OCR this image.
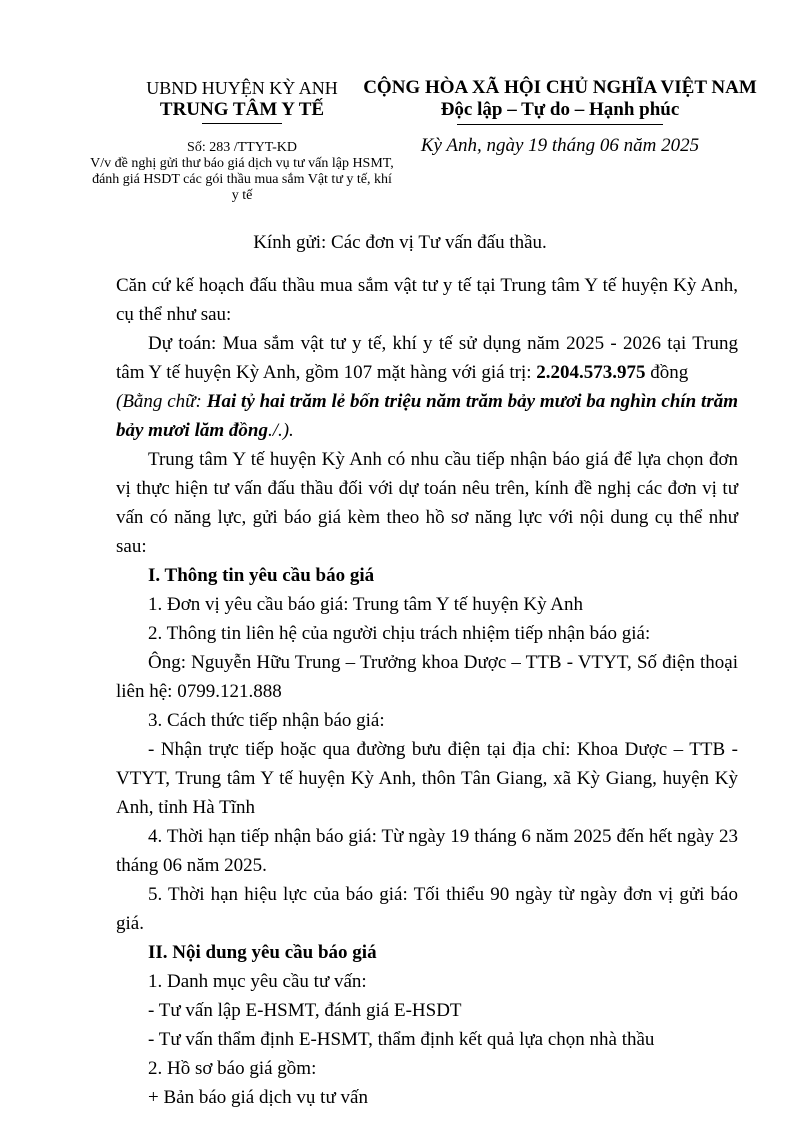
UBND HUYỆN KỲ ANH
TRUNG TÂM Y TẾ
Số: 283 /TTYT-KD
V/v đề nghị gửi thư báo giá dịch vụ tư vấn lập HSMT, đánh giá HSDT các gói thầu mua sắm Vật tư y tế, khí y tế
CỘNG HÒA XÃ HỘI CHỦ NGHĨA VIỆT NAM
Độc lập – Tự do – Hạnh phúc
Kỳ Anh, ngày 19 tháng 06 năm 2025
Kính gửi: Các đơn vị Tư vấn đấu thầu.

Căn cứ kế hoạch đấu thầu mua sắm vật tư y tế tại Trung tâm Y tế huyện Kỳ Anh, cụ thể như sau:

Dự toán: Mua sắm vật tư y tế, khí y tế sử dụng năm 2025 - 2026 tại Trung tâm Y tế huyện Kỳ Anh, gồm 107 mặt hàng với giá trị: 2.204.573.975 đồng
(Bằng chữ: Hai tỷ hai trăm lẻ bốn triệu năm trăm bảy mươi ba nghìn chín trăm bảy mươi lăm đồng./.).

Trung tâm Y tế huyện Kỳ Anh có nhu cầu tiếp nhận báo giá để lựa chọn đơn vị thực hiện tư vấn đấu thầu đối với dự toán nêu trên, kính đề nghị các đơn vị tư vấn có năng lực, gửi báo giá kèm theo hồ sơ năng lực với nội dung cụ thể như sau:

I. Thông tin yêu cầu báo giá

1. Đơn vị yêu cầu báo giá: Trung tâm Y tế huyện Kỳ Anh

2. Thông tin liên hệ của người chịu trách nhiệm tiếp nhận báo giá:

Ông: Nguyễn Hữu Trung – Trưởng khoa Dược – TTB - VTYT, Số điện thoại liên hệ: 0799.121.888

3. Cách thức tiếp nhận báo giá:

- Nhận trực tiếp hoặc qua đường bưu điện tại địa chỉ: Khoa Dược – TTB - VTYT, Trung tâm Y tế huyện Kỳ Anh, thôn Tân Giang, xã Kỳ Giang, huyện Kỳ Anh, tỉnh Hà Tĩnh

4. Thời hạn tiếp nhận báo giá: Từ ngày 19 tháng 6 năm 2025 đến hết ngày 23 tháng 06 năm 2025.

5. Thời hạn hiệu lực của báo giá: Tối thiểu 90 ngày từ ngày đơn vị gửi báo giá.

II. Nội dung yêu cầu báo giá

1. Danh mục yêu cầu tư vấn:

- Tư vấn lập E-HSMT, đánh giá E-HSDT

- Tư vấn thẩm định E-HSMT, thẩm định kết quả lựa chọn nhà thầu

2. Hồ sơ báo giá gồm:

+ Bản báo giá dịch vụ tư vấn
